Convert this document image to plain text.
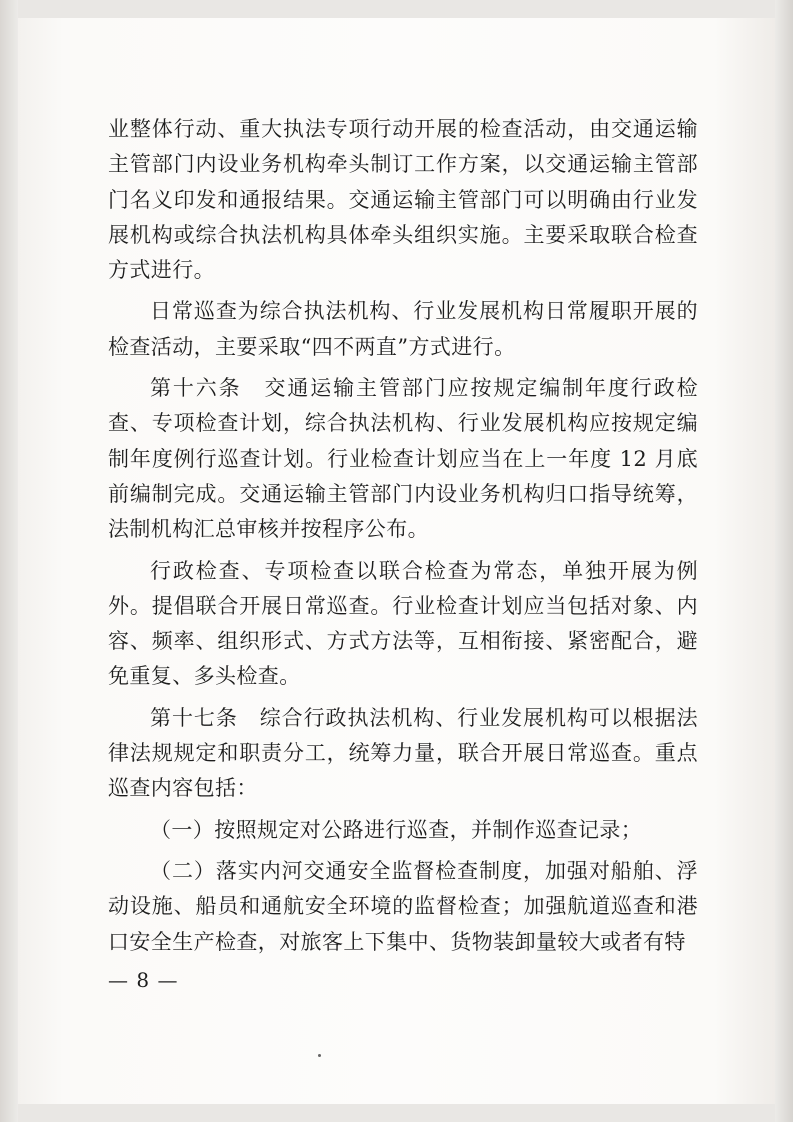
业整体行动、重大执法专项行动开展的检查活动，由交通运输主管部门内设业务机构牵头制订工作方案，以交通运输主管部门名义印发和通报结果。交通运输主管部门可以明确由行业发展机构或综合执法机构具体牵头组织实施。主要采取联合检查方式进行。

日常巡查为综合执法机构、行业发展机构日常履职开展的检查活动，主要采取“四不两直”方式进行。

第十六条　交通运输主管部门应按规定编制年度行政检查、专项检查计划，综合执法机构、行业发展机构应按规定编制年度例行巡查计划。行业检查计划应当在上一年度 12 月底前编制完成。交通运输主管部门内设业务机构归口指导统筹，法制机构汇总审核并按程序公布。

行政检查、专项检查以联合检查为常态，单独开展为例外。提倡联合开展日常巡查。行业检查计划应当包括对象、内容、频率、组织形式、方式方法等，互相衔接、紧密配合，避免重复、多头检查。

第十七条　综合行政执法机构、行业发展机构可以根据法律法规规定和职责分工，统筹力量，联合开展日常巡查。重点巡查内容包括：

（一）按照规定对公路进行巡查，并制作巡查记录；

（二）落实内河交通安全监督检查制度，加强对船舶、浮动设施、船员和通航安全环境的监督检查；加强航道巡查和港口安全生产检查，对旅客上下集中、货物装卸量较大或者有特

— 8 —
